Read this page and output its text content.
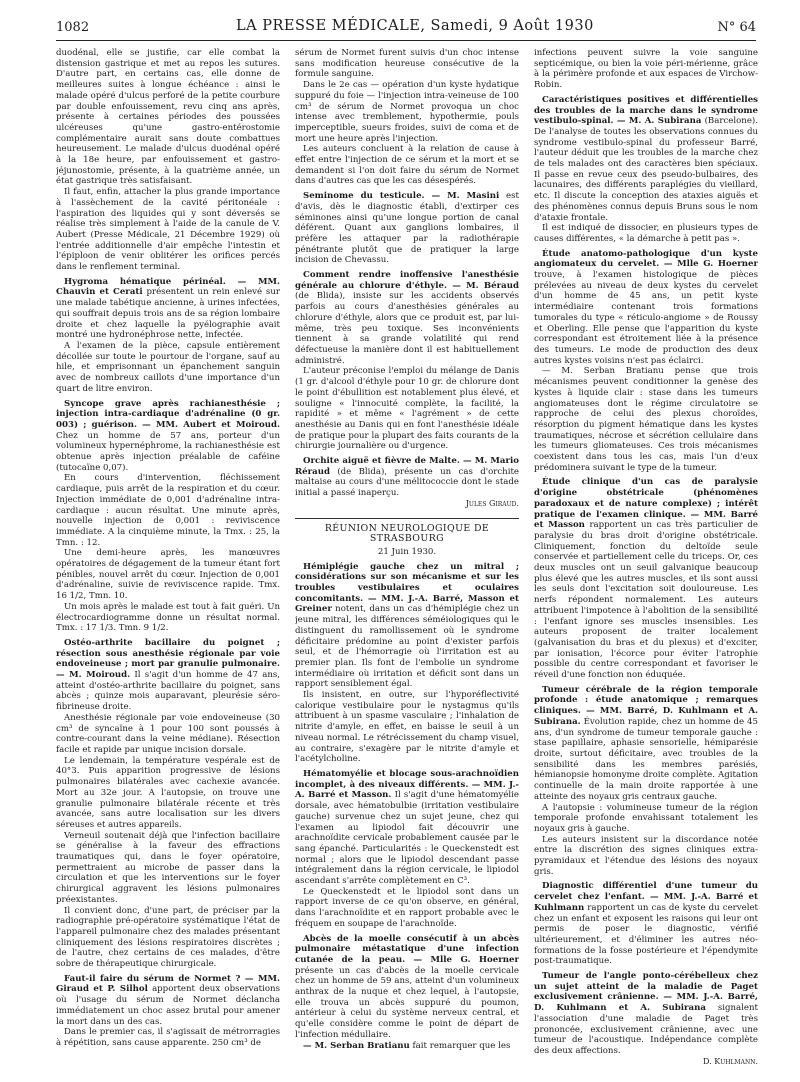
1082	LA PRESSE MÉDICALE, Samedi, 9 Août 1930	N° 64

duodénal, elle se justifie, car elle combat la distension gastrique et met au repos les sutures. D'autre part, en certains cas, elle donne de meilleures suites à longue échéance : ainsi le malade opéré d'ulcus perforé de la petite courbure par double enfouissement, revu cinq ans après, présente à certaines périodes des poussées ulcéreuses qu'une gastro-entérostomie complémentaire aurait sans doute combattues heureusement. Le malade d'ulcus duodénal opéré à la 18e heure, par enfouissement et gastro-jéjunostomie, présente, à la quatrième année, un état gastrique très satisfaisant.

Il faut, enfin, attacher la plus grande importance à l'assèchement de la cavité péritonéale : l'aspiration des liquides qui y sont déversés se réalise très simplement à l'aide de la canule de V. Aubert (Presse Médicale, 21 Décembre 1929) où l'entrée additionnelle d'air empêche l'intestin et l'épiploon de venir oblitérer les orifices percés dans le renflement terminal.

Hygroma hématique périnéal. — MM. Chauvin et Cerati présentent un rein enlevé sur une malade tabétique ancienne, à urines infectées, qui souffrait depuis trois ans de sa région lombaire droite et chez laquelle la pyélographie avait montré une hydronéphrose nette, infectée.

A l'examen de la pièce, capsule entièrement décollée sur toute le pourtour de l'organe, sauf au hile, et emprisonnant un épanchement sanguin avec de nombreux caillots d'une importance d'un quart de litre environ.

Syncope grave après rachianesthésie ; injection intra-cardiaque d'adrénaline (0 gr. 003) ; guérison. — MM. Aubert et Moiroud. Chez un homme de 57 ans, porteur d'un volumineux hypernéphrome, la rachianesthésie est obtenue après injection préalable de caféine (tutocaïne 0,07).

En cours d'intervention, fléchissement cardiaque, puis arrêt de la respiration et du cœur. Injection immédiate de 0,001 d'adrénaline intra-cardiaque : aucun résultat. Une minute après, nouvelle injection de 0,001 : reviviscence immédiate. A la cinquième minute, la Tmx. : 25, la Tmn. : 12.

Une demi-heure après, les manœuvres opératoires de dégagement de la tumeur étant fort pénibles, nouvel arrêt du cœur. Injection de 0,001 d'adrénaline, suivie de reviviscence rapide. Tmx. 16 1/2, Tmn. 10.

Un mois après le malade est tout à fait guéri. Un électrocardiogramme donne un résultat normal. Tmx. : 17 1/3. Tmn. 9 1/2.

Ostéo-arthrite bacillaire du poignet ; résection sous anesthésie régionale par voie endoveineuse ; mort par granulie pulmonaire. — M. Moiroud. Il s'agit d'un homme de 47 ans, atteint d'ostéo-arthrite bacillaire du poignet, sans abcès ; quinze mois auparavant, pleurésie séro-fibrineuse droite.

Anesthésie régionale par voie endoveineuse (30 cm³ de syncaïne à 1 pour 100 sont poussés à contre-courant dans la veine médiane). Résection facile et rapide par unique incision dorsale.

Le lendemain, la température vespérale est de 40°3. Puis apparition progressive de lésions pulmonaires bilatérales avec cachexie avancée. Mort au 32e jour. A l'autopsie, on trouve une granulie pulmonaire bilatérale récente et très avancée, sans autre localisation sur les divers séreuses et autres appareils.

Verneuil soutenait déjà que l'infection bacillaire se généralise à la faveur des effractions traumatiques qui, dans le foyer opératoire, permettraient au microbe de passer dans la circulation et que les interventions sur le foyer chirurgical aggravent les lésions pulmonaires préexistantes.

Il convient donc, d'une part, de préciser par la radiographie pré-opératoire systématique l'état de l'appareil pulmonaire chez des malades présentant cliniquement des lésions respiratoires discrètes ; de l'autre, chez certains de ces malades, d'être sobre de thérapeutique chirurgicale.

Faut-il faire du sérum de Normet ? — MM. Giraud et P. Silhol apportent deux observations où l'usage du sérum de Normet déclancha immédiatement un choc assez brutal pour amener la mort dans un des cas.

Dans le premier cas, il s'agissait de métrorragies à répétition, sans cause apparente. 250 cm³ de

sérum de Normet furent suivis d'un choc intense sans modification heureuse consécutive de la formule sanguine.

Dans le 2e cas — opération d'un kyste hydatique suppuré du foie — l'injection intra-veineuse de 100 cm³ de sérum de Normet provoqua un choc intense avec tremblement, hypothermie, pouls imperceptible, sueurs froides, suivi de coma et de mort une heure après l'injection.

Les auteurs concluent à la relation de cause à effet entre l'injection de ce sérum et la mort et se demandent si l'on doit faire du sérum de Normet dans d'autres cas que les cas désespérés.

Seminome du testicule. — M. Masini est d'avis, dès le diagnostic établi, d'extirper ces séminones ainsi qu'une longue portion de canal déférent. Quant aux ganglions lombaires, il préfère les attaquer par la radiothérapie pénétrante plutôt que de pratiquer la large incision de Chevassu.

Comment rendre inoffensive l'anesthésie générale au chlorure d'éthyle. — M. Béraud (de Blida), insiste sur les accidents observés parfois au cours d'anesthésies générales au chlorure d'éthyle, alors que ce produit est, par lui-même, très peu toxique. Ses inconvénients tiennent à sa grande volatilité qui rend défectueuse la manière dont il est habituellement administré.

L'auteur préconise l'emploi du mélange de Danis (1 gr. d'alcool d'éthyle pour 10 gr. de chlorure dont le point d'ébullition est notablement plus élevé, et souligne « l'innocuité complète, la facilité, la rapidité » et même « l'agrément » de cette anesthésie au Danis qui en font l'anesthésie idéale de pratique pour la plupart des faits courants de la chirurgie journalière ou d'urgence.

Orchite aiguë et fièvre de Malte. — M. Mario Réraud (de Blida), présente un cas d'orchite maltaise au cours d'une mélitococcie dont le stade initial a passé inaperçu.

Jules Giraud.

RÉUNION NEUROLOGIQUE DE STRASBOURG
21 Juin 1930.

Hémiplégie gauche chez un mitral ; considérations sur son mécanisme et sur les troubles vestibulaires et oculaires concomitants. — MM. J.-A. Barré, Masson et Greiner notent, dans un cas d'hémiplégie chez un jeune mitral, les différences séméiologiques qui le distinguent du ramollissement où le syndrome déficitaire prédomine au point d'exister parfois seul, et de l'hémorragie où l'irritation est au premier plan. Ils font de l'embolie un syndrome intermédiaire où irritation et déficit sont dans un rapport sensiblement égal.

Ils insistent, en outre, sur l'hyporéflectivité calorique vestibulaire pour le nystagmus qu'ils attribuent à un spasme vasculaire ; l'inhalation de nitrite d'amyle, en effet, en baisse le seuil à un niveau normal. Le rétrécissement du champ visuel, au contraire, s'exagère par le nitrite d'amyle et l'acétylcholine.

Hématomyélie et blocage sous-arachnoïdien incomplet, à des niveaux différents. — MM. J.-A. Barré et Masson. Il s'agit d'une hématomyélie dorsale, avec hématobulbie (irritation vestibulaire gauche) survenue chez un sujet jeune, chez qui l'examen au lipiodol fait découvrir une arachnoïdite cervicale probablement causée par le sang épanché. Particularités : le Queckenstedt est normal ; alors que le lipiodol descendant passe intégralement dans la région cervicale, le lipiodol ascendant s'arrête complètement en C³.

Le Queckenstedt et le lipiodol sont dans un rapport inverse de ce qu'on observe, en général, dans l'arachnoïdite et en rapport probable avec le fréquem en soupape de l'arachnoïde.

Abcès de la moelle consécutif à un abcès pulmonaire métastatique d'une infection cutanée de la peau. — Mlle G. Hoerner présente un cas d'abcès de la moelle cervicale chez un homme de 59 ans, atteint d'un volumineux anthrax de la nuque et chez lequel, à l'autopsie, elle trouva un abcès suppuré du poumon, antérieur à celui du système nerveux central, et qu'elle considère comme le point de départ de l'infection médullaire.

— M. Serban Bratianu fait remarquer que les

infections peuvent suivre la voie sanguine septicémique, ou bien la voie péri-mérienne, grâce à la périmère profonde et aux espaces de Virchow-Robin.

Caractéristiques positives et différentielles des troubles de la marche dans le syndrome vestibulo-spinal. — M. A. Subirana (Barcelone). De l'analyse de toutes les observations connues du syndrome vestibulo-spinal du professeur Barré, l'auteur déduit que les troubles de la marche chez de tels malades ont des caractères bien spéciaux. Il passe en revue ceux des pseudo-bulbaires, des lacunaires, des différents paraplégies du vieillard, etc. Il discute la conception des ataxies aiguës et des phénomènes connus depuis Bruns sous le nom d'ataxie frontale.

Il est indiqué de dissocier, en plusieurs types de causes différentes, « la démarche à petit pas ».

Étude anatomo-pathologique d'un kyste angiomateux du cervelet. — Mlle G. Hoerner trouve, à l'examen histologique de pièces prélevées au niveau de deux kystes du cervelet d'un homme de 45 ans, un petit kyste intermédiaire contenant trois formations tumorales du type « réticulo-angiome » de Roussy et Oberling. Elle pense que l'apparition du kyste correspondant est étroitement liée à la présence des tumeurs. Le mode de production des deux autres kystes voisins n'est pas éclairci.

— M. Serban Bratianu pense que trois mécanismes peuvent conditionner la genèse des kystes à liquide clair : stase dans les tumeurs angiomateuses dont le régime circulatoire se rapproche de celui des plexus choroïdes, résorption du pigment hématique dans les kystes traumatiques, nécrose et sécrétion cellulaire dans les tumeurs gliomateuses. Ces trois mécanismes coexistent dans tous les cas, mais l'un d'eux prédominera suivant le type de la tumeur.

Étude clinique d'un cas de paralysie d'origine obstétricale (phénomènes paradoxaux et de nature complexe) ; intérêt pratique de l'examen clinique. — MM. Barré et Masson rapportent un cas très particulier de paralysie du bras droit d'origine obstétricale. Cliniquement, fonction du deltoïde seule conservée et partiellement celle du triceps. Or, ces deux muscles ont un seuil galvanique beaucoup plus élevé que les autres muscles, et ils sont aussi les seuls dont l'excitation soit douloureuse. Les nerfs répondent normalement. Les auteurs attribuent l'impotence à l'abolition de la sensibilité : l'enfant ignore ses muscles insensibles. Les auteurs proposent de traiter localement (galvanisation du bras et du plexus) et d'exciter, par ionisation, l'écorce pour éviter l'atrophie possible du centre correspondant et favoriser le réveil d'une fonction non éduquée.

Tumeur cérébrale de la région temporale profonde : étude anatomique ; remarques cliniques. — MM. Barré, D. Kuhlmann et A. Subirana. Évolution rapide, chez un homme de 45 ans, d'un syndrome de tumeur temporale gauche : stase papillaire, aphasie sensorielle, hémiparésie droite, surtout déficitaire, avec troubles de la sensibilité dans les membres parésiés, hémianopsie homonyme droite complète. Agitation continuelle de la main droite rapportée à une atteinte des noyaux gris centraux gauche.

A l'autopsie : volumineuse tumeur de la région temporale profonde envahissant totalement les noyaux gris à gauche.

Les auteurs insistent sur la discordance notée entre la discrétion des signes cliniques extra-pyramidaux et l'étendue des lésions des noyaux gris.

Diagnostic différentiel d'une tumeur du cervelet chez l'enfant. — MM. J.-A. Barré et Kuhlmann rapportent un cas de kyste du cervelet chez un enfant et exposent les raisons qui leur ont permis de poser le diagnostic, vérifié ultérieurement, et d'éliminer les autres néo-formations de la fosse postérieure et l'épendymite post-traumatique.

Tumeur de l'angle ponto-cérébelleux chez un sujet atteint de la maladie de Paget exclusivement crânienne. — MM. J.-A. Barré, D. Kuhlmann et A. Subirana signalent l'association d'une maladie de Paget très prononcée, exclusivement crânienne, avec une tumeur de l'acoustique. Indépendance complète des deux affections.

D. Kuhlmann.
